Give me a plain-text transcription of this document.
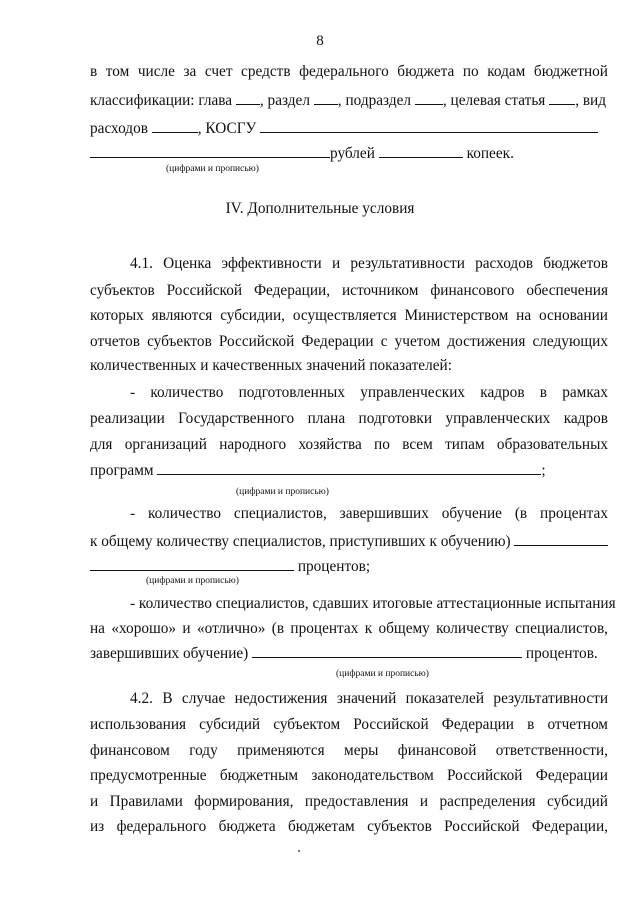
8
в том числе за счет средств федерального бюджета по кодам бюджетной
классификации: глава , раздел , подраздел , целевая статья , вид
расходов	, КОСГУ
рублей	копеек.
(цифрами и прописью)
IV. Дополнительные условия
4.1. Оценка эффективности и результативности расходов бюджетов
субъектов Российской Федерации, источником финансового обеспечения
которых являются субсидии, осуществляется Министерством на основании
отчетов субъектов Российской Федерации с учетом достижения следующих
количественных и качественных значений показателей:
- количество подготовленных управленческих кадров в рамках
реализации Государственного плана подготовки управленческих кадров
для организаций народного хозяйства по всем типам образовательных
программ	;
(цифрами и прописью)
- количество специалистов, завершивших обучение (в процентах
к общему количеству специалистов, приступивших к обучению)
процентов;
(цифрами и прописью)
- количество специалистов, сдавших итоговые аттестационные испытания
на «хорошо» и «отлично» (в процентах к общему количеству специалистов,
завершивших обучение)	процентов.
(цифрами и прописью)
4.2. В случае недостижения значений показателей результативности
использования субсидий субъектом Российской Федерации в отчетном
финансовом году применяются меры финансовой ответственности,
предусмотренные бюджетным законодательством Российской Федерации
и Правилами формирования, предоставления и распределения субсидий
из федерального бюджета бюджетам субъектов Российской Федерации,
